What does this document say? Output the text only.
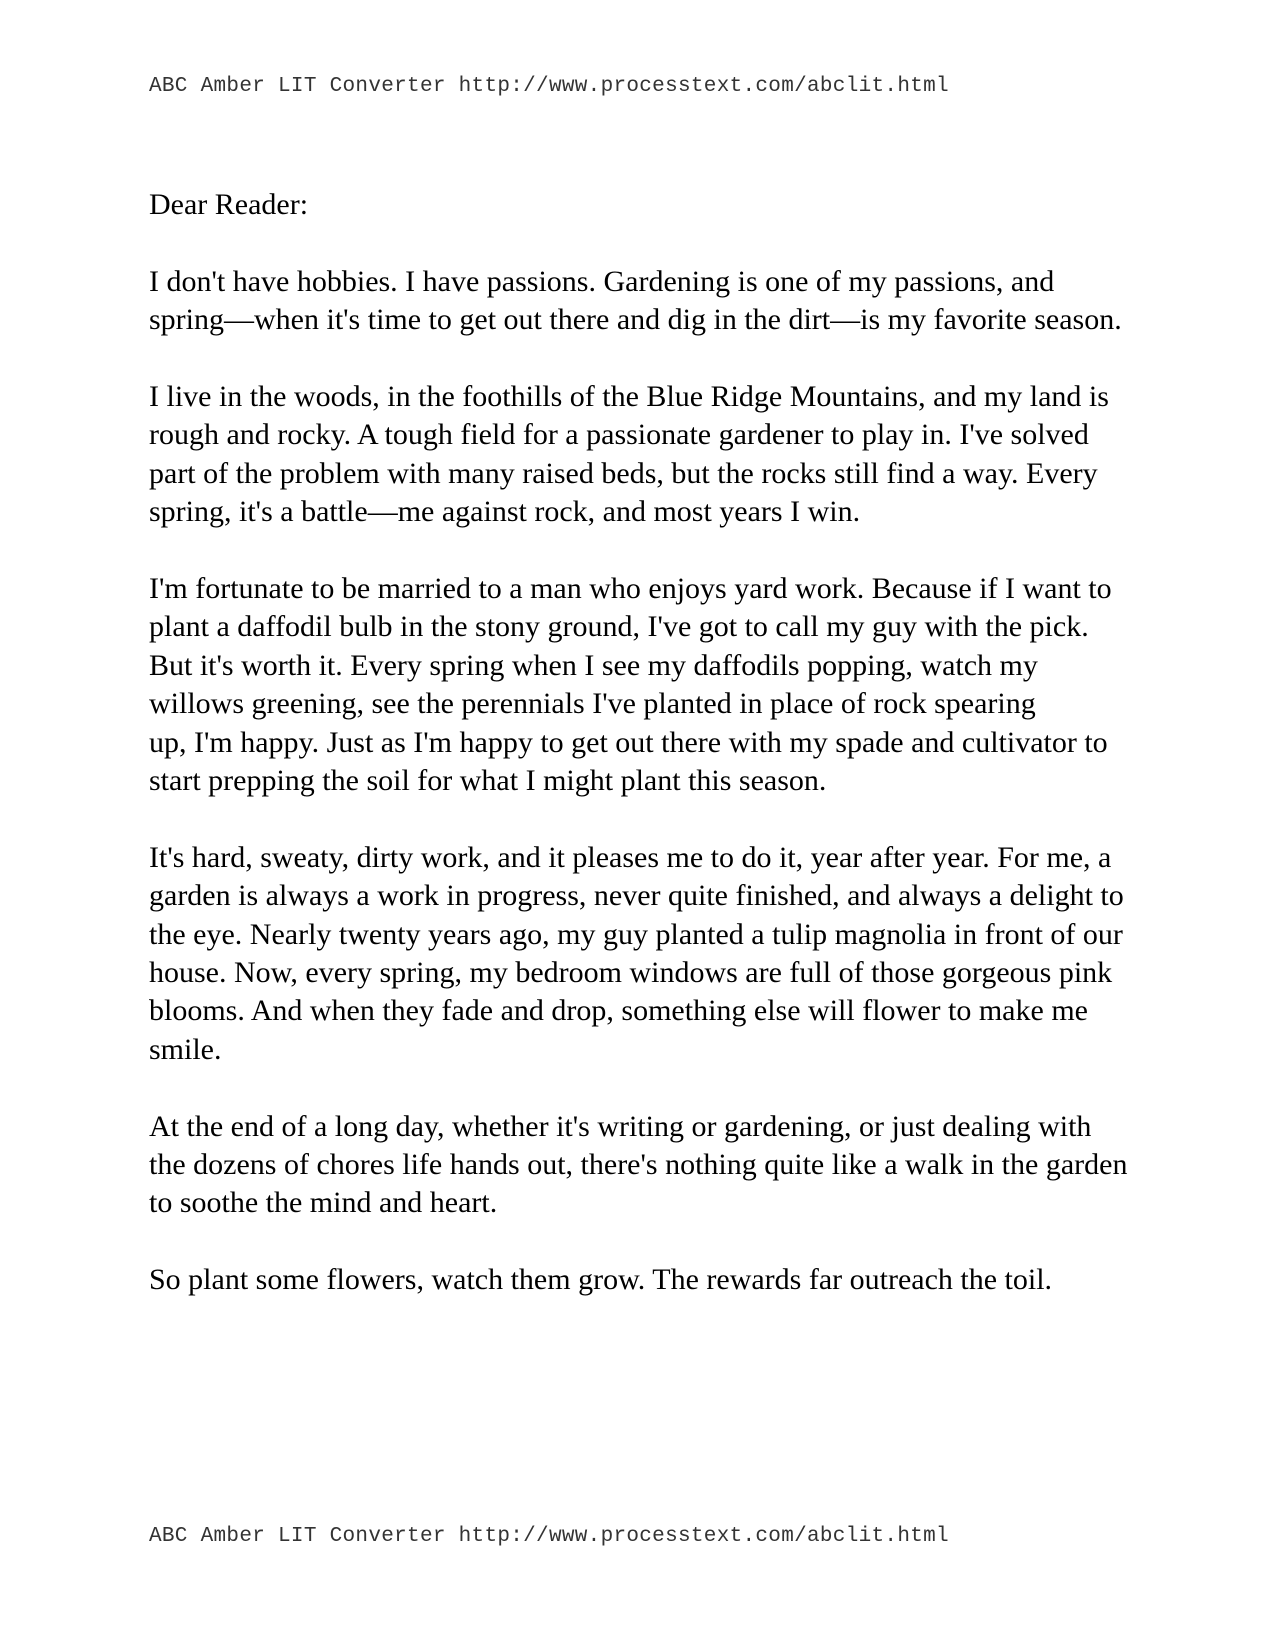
ABC Amber LIT Converter http://www.processtext.com/abclit.html
Dear Reader:

I don't have hobbies. I have passions. Gardening is one of my passions, and spring—when it's time to get out there and dig in the dirt—is my favorite season.

I live in the woods, in the foothills of the Blue Ridge Mountains, and my land is rough and rocky. A tough field for a passionate gardener to play in. I've solved part of the problem with many raised beds, but the rocks still find a way. Every spring, it's a battle—me against rock, and most years I win.

I'm fortunate to be married to a man who enjoys yard work. Because if I want to plant a daffodil bulb in the stony ground, I've got to call my guy with the pick. But it's worth it. Every spring when I see my daffodils popping, watch my willows greening, see the perennials I've planted in place of rock spearing

up, I'm happy. Just as I'm happy to get out there with my spade and cultivator to start prepping the soil for what I might plant this season.

It's hard, sweaty, dirty work, and it pleases me to do it, year after year. For me, a garden is always a work in progress, never quite finished, and always a delight to the eye. Nearly twenty years ago, my guy planted a tulip magnolia in front of our house. Now, every spring, my bedroom windows are full of those gorgeous pink blooms. And when they fade and drop, something else will flower to make me smile.

At the end of a long day, whether it's writing or gardening, or just dealing with the dozens of chores life hands out, there's nothing quite like a walk in the garden to soothe the mind and heart.

So plant some flowers, watch them grow. The rewards far outreach the toil.

ABC Amber LIT Converter http://www.processtext.com/abclit.html
